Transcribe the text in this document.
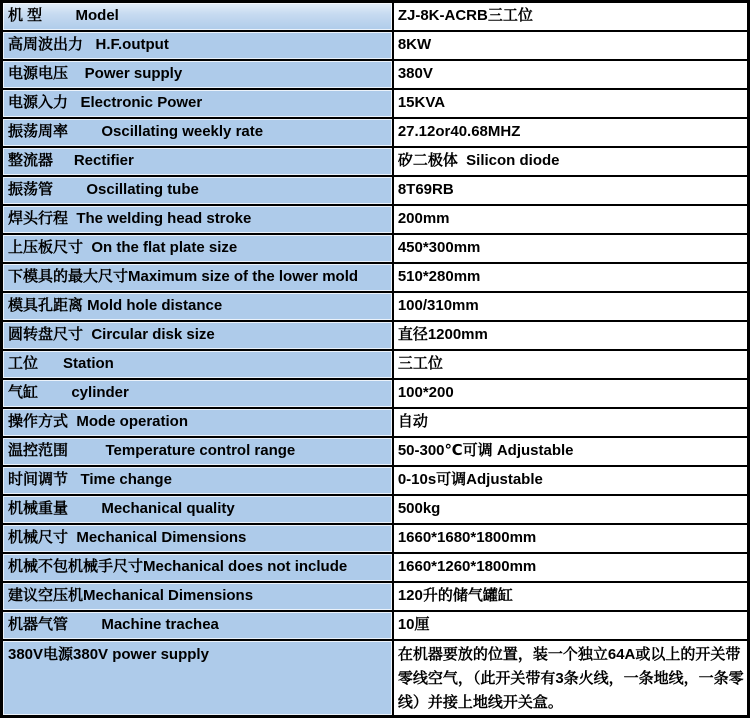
机 型        Model	ZJ-8K-ACRB三工位
高周波出力   H.F.output	8KW
电源电压    Power supply	380V
电源入力   Electronic Power	15KVA
振荡周率        Oscillating weekly rate	27.12or40.68MHZ
整流器     Rectifier	矽二极体  Silicon diode
振荡管        Oscillating tube	8T69RB
焊头行程  The welding head stroke	200mm
上压板尺寸  On the flat plate size	450*300mm
下模具的最大尺寸Maximum size of the lower mold	510*280mm
模具孔距离 Mold hole distance	100/310mm
圆转盘尺寸  Circular disk size	直径1200mm
工位      Station	三工位
气缸        cylinder	100*200
操作方式  Mode operation	自动
温控范围         Temperature control range	50-300℃可调 Adjustable
时间调节   Time change	0-10s可调Adjustable
机械重量        Mechanical quality	500kg
机械尺寸  Mechanical Dimensions	1660*1680*1800mm
机械不包机械手尺寸Mechanical does not include	1660*1260*1800mm
建议空压机Mechanical Dimensions	120升的储气罐缸
机器气管        Machine trachea	10厘
380V电源380V power supply	在机器要放的位置，装一个独立64A或以上的开关带零线空气，（此开关带有3条火线，一条地线，一条零线）并接上地线开关盒。
